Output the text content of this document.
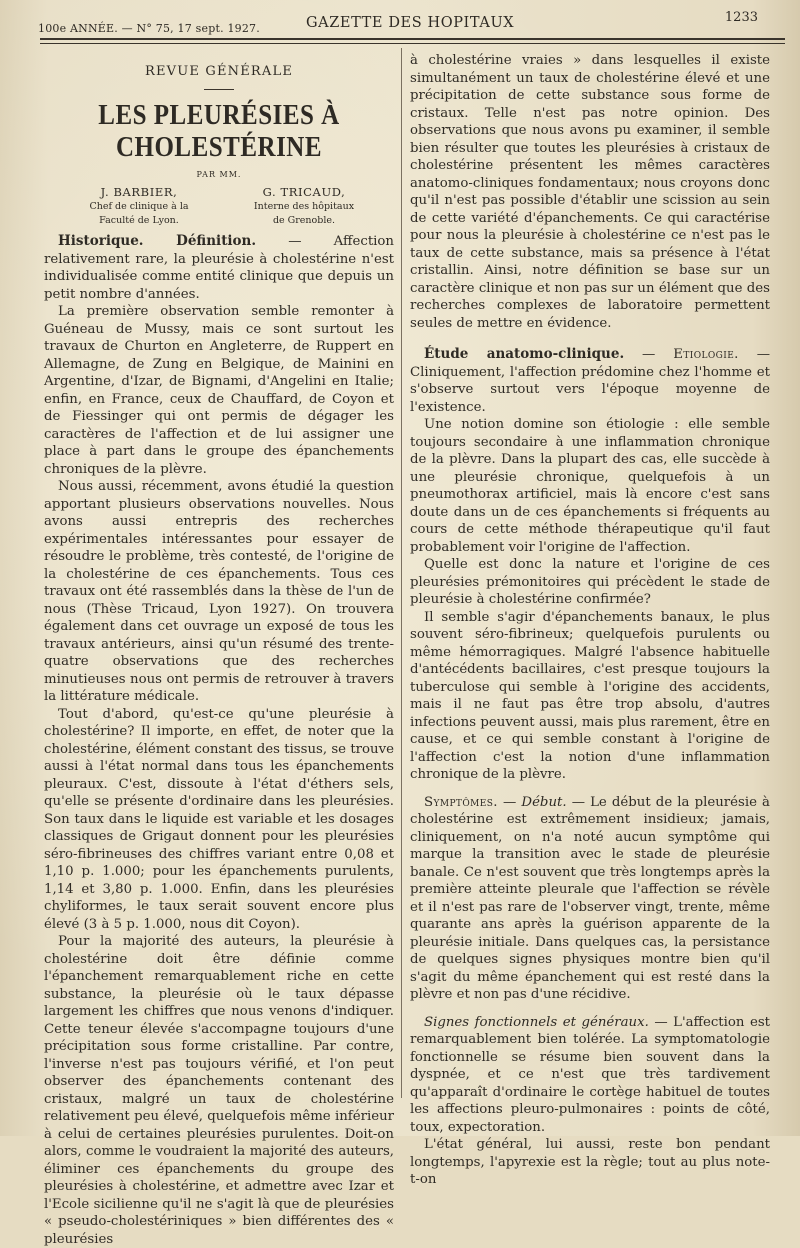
100e ANNÉE. — N° 75, 17 sept. 1927.	GAZETTE DES HOPITAUX	1233
REVUE GÉNÉRALE
LES PLEURÉSIES À CHOLESTÉRINE
PAR MM.
J. BARBIER,
Chef de clinique à la
Faculté de Lyon.
G. TRICAUD,
Interne des hôpitaux
de Grenoble.

Historique. Définition. — Affection relativement rare, la pleurésie à cholestérine n'est individualisée comme entité clinique que depuis un petit nombre d'années.

La première observation semble remonter à Guéneau de Mussy, mais ce sont surtout les travaux de Churton en Angleterre, de Ruppert en Allemagne, de Zung en Belgique, de Mainini en Argentine, d'Izar, de Bignami, d'Angelini en Italie; enfin, en France, ceux de Chauffard, de Coyon et de Fiessinger qui ont permis de dégager les caractères de l'affection et de lui assigner une place à part dans le groupe des épanchements chroniques de la plèvre.

Nous aussi, récemment, avons étudié la question apportant plusieurs observations nouvelles. Nous avons aussi entrepris des recherches expérimentales intéressantes pour essayer de résoudre le problème, très contesté, de l'origine de la cholestérine de ces épanchements. Tous ces travaux ont été rassemblés dans la thèse de l'un de nous (Thèse Tricaud, Lyon 1927). On trouvera également dans cet ouvrage un exposé de tous les travaux antérieurs, ainsi qu'un résumé des trente-quatre observations que des recherches minutieuses nous ont permis de retrouver à travers la littérature médicale.

Tout d'abord, qu'est-ce qu'une pleurésie à cholestérine? Il importe, en effet, de noter que la cholestérine, élément constant des tissus, se trouve aussi à l'état normal dans tous les épanchements pleuraux. C'est, dissoute à l'état d'éthers sels, qu'elle se présente d'ordinaire dans les pleurésies. Son taux dans le liquide est variable et les dosages classiques de Grigaut donnent pour les pleurésies séro-fibrineuses des chiffres variant entre 0,08 et 1,10 p. 1.000; pour les épanchements purulents, 1,14 et 3,80 p. 1.000. Enfin, dans les pleurésies chyliformes, le taux serait souvent encore plus élevé (3 à 5 p. 1.000, nous dit Coyon).

Pour la majorité des auteurs, la pleurésie à cholestérine doit être définie comme l'épanchement remarquablement riche en cette substance, la pleurésie où le taux dépasse largement les chiffres que nous venons d'indiquer. Cette teneur élevée s'accompagne toujours d'une précipitation sous forme cristalline. Par contre, l'inverse n'est pas toujours vérifié, et l'on peut observer des épanchements contenant des cristaux, malgré un taux de cholestérine relativement peu élevé, quelquefois même inférieur à celui de certaines pleurésies purulentes. Doit-on alors, comme le voudraient la majorité des auteurs, éliminer ces épanchements du groupe des pleurésies à cholestérine, et admettre avec Izar et l'Ecole sicilienne qu'il ne s'agit là que de pleurésies « pseudo-cholestériniques » bien différentes des « pleurésies

à cholestérine vraies » dans lesquelles il existe simultanément un taux de cholestérine élevé et une précipitation de cette substance sous forme de cristaux. Telle n'est pas notre opinion. Des observations que nous avons pu examiner, il semble bien résulter que toutes les pleurésies à cristaux de cholestérine présentent les mêmes caractères anatomo-cliniques fondamentaux; nous croyons donc qu'il n'est pas possible d'établir une scission au sein de cette variété d'épanchements. Ce qui caractérise pour nous la pleurésie à cholestérine ce n'est pas le taux de cette substance, mais sa présence à l'état cristallin. Ainsi, notre définition se base sur un caractère clinique et non pas sur un élément que des recherches complexes de laboratoire permettent seules de mettre en évidence.

Étude anatomo-clinique. — Etiologie. — Cliniquement, l'affection prédomine chez l'homme et s'observe surtout vers l'époque moyenne de l'existence.

Une notion domine son étiologie : elle semble toujours secondaire à une inflammation chronique de la plèvre. Dans la plupart des cas, elle succède à une pleurésie chronique, quelquefois à un pneumothorax artificiel, mais là encore c'est sans doute dans un de ces épanchements si fréquents au cours de cette méthode thérapeutique qu'il faut probablement voir l'origine de l'affection.

Quelle est donc la nature et l'origine de ces pleurésies prémonitoires qui précèdent le stade de pleurésie à cholestérine confirmée?

Il semble s'agir d'épanchements banaux, le plus souvent séro-fibrineux; quelquefois purulents ou même hémorragiques. Malgré l'absence habituelle d'antécédents bacillaires, c'est presque toujours la tuberculose qui semble à l'origine des accidents, mais il ne faut pas être trop absolu, d'autres infections peuvent aussi, mais plus rarement, être en cause, et ce qui semble constant à l'origine de l'affection c'est la notion d'une inflammation chronique de la plèvre.

Symptômes. — Début. — Le début de la pleurésie à cholestérine est extrêmement insidieux; jamais, cliniquement, on n'a noté aucun symptôme qui marque la transition avec le stade de pleurésie banale. Ce n'est souvent que très longtemps après la première atteinte pleurale que l'affection se révèle et il n'est pas rare de l'observer vingt, trente, même quarante ans après la guérison apparente de la pleurésie initiale. Dans quelques cas, la persistance de quelques signes physiques montre bien qu'il s'agit du même épanchement qui est resté dans la plèvre et non pas d'une récidive.

Signes fonctionnels et généraux. — L'affection est remarquablement bien tolérée. La symptomatologie fonctionnelle se résume bien souvent dans la dyspnée, et ce n'est que très tardivement qu'apparaît d'ordinaire le cortège habituel de toutes les affections pleuro-pulmonaires : points de côté, toux, expectoration.

L'état général, lui aussi, reste bon pendant longtemps, l'apyrexie est la règle; tout au plus note-t-on
